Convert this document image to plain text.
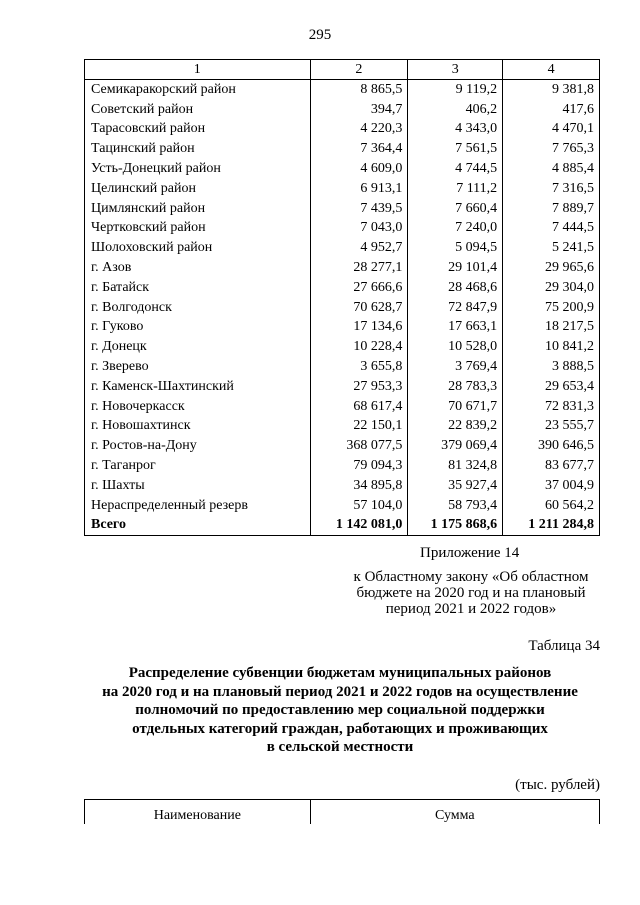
295
1	2	3	4
Семикаракорский район	8 865,5	9 119,2	9 381,8
Советский район	394,7	406,2	417,6
Тарасовский район	4 220,3	4 343,0	4 470,1
Тацинский район	7 364,4	7 561,5	7 765,3
Усть-Донецкий район	4 609,0	4 744,5	4 885,4
Целинский район	6 913,1	7 111,2	7 316,5
Цимлянский район	7 439,5	7 660,4	7 889,7
Чертковский район	7 043,0	7 240,0	7 444,5
Шолоховский район	4 952,7	5 094,5	5 241,5
г. Азов	28 277,1	29 101,4	29 965,6
г. Батайск	27 666,6	28 468,6	29 304,0
г. Волгодонск	70 628,7	72 847,9	75 200,9
г. Гуково	17 134,6	17 663,1	18 217,5
г. Донецк	10 228,4	10 528,0	10 841,2
г. Зверево	3 655,8	3 769,4	3 888,5
г. Каменск-Шахтинский	27 953,3	28 783,3	29 653,4
г. Новочеркасск	68 617,4	70 671,7	72 831,3
г. Новошахтинск	22 150,1	22 839,2	23 555,7
г. Ростов-на-Дону	368 077,5	379 069,4	390 646,5
г. Таганрог	79 094,3	81 324,8	83 677,7
г. Шахты	34 895,8	35 927,4	37 004,9
Нераспределенный резерв	57 104,0	58 793,4	60 564,2
Всего	1 142 081,0	1 175 868,6	1 211 284,8
Приложение 14
к Областному закону «Об областном
бюджете на 2020 год и на плановый
период 2021 и 2022 годов»
Таблица 34
Распределение субвенции бюджетам муниципальных районов
на 2020 год и на плановый период 2021 и 2022 годов на осуществление
полномочий по предоставлению мер социальной поддержки
отдельных категорий граждан, работающих и проживающих
в сельской местности
(тыс. рублей)
Наименование	Сумма
